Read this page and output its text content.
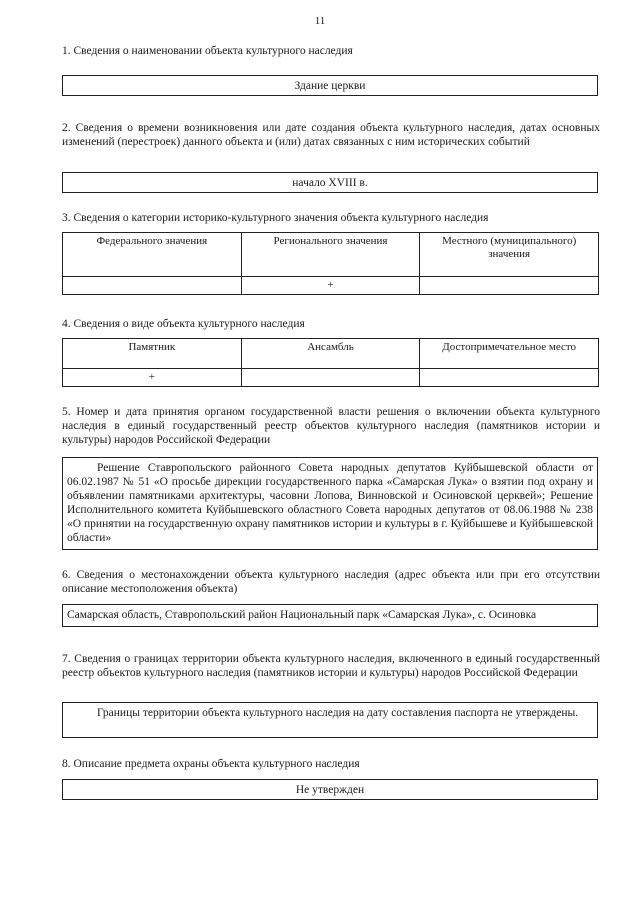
11
1. Сведения о наименовании объекта культурного наследия
Здание церкви
2. Сведения о времени возникновения или дате создания объекта культурного наследия, датах основных изменений (перестроек) данного объекта и (или) датах связанных с ним исторических событий
начало XVIII в.
3. Сведения о категории историко-культурного значения объекта культурного наследия
Федерального значения	Регионального значения	Местного (муниципального) значения
	+	
4. Сведения о виде объекта культурного наследия
Памятник	Ансамбль	Достопримечательное место
+		
5. Номер и дата принятия органом государственной власти решения о включении объекта культурного наследия в единый государственный реестр объектов культурного наследия (памятников истории и культуры) народов Российской Федерации
Решение Ставропольского районного Совета народных депутатов Куйбышевской области от 06.02.1987 № 51 «О просьбе дирекции государственного парка «Самарская Лука» о взятии под охрану и объявлении памятниками архитектуры, часовни Лопова, Винновской и Осиновской церквей»; Решение Исполнительного комитета Куйбышевского областного Совета народных депутатов от 08.06.1988 № 238 «О принятии на государственную охрану памятников истории и культуры в г. Куйбышеве и Куйбышевской области»
6. Сведения о местонахождении объекта культурного наследия (адрес объекта или при его отсутствии описание местоположения объекта)
Самарская область, Ставропольский район Национальный парк «Самарская Лука», с. Осиновка
7. Сведения о границах территории объекта культурного наследия, включенного в единый государственный реестр объектов культурного наследия (памятников истории и культуры) народов Российской Федерации
Границы территории объекта культурного наследия на дату составления паспорта не утверждены.
8. Описание предмета охраны объекта культурного наследия
Не утвержден
